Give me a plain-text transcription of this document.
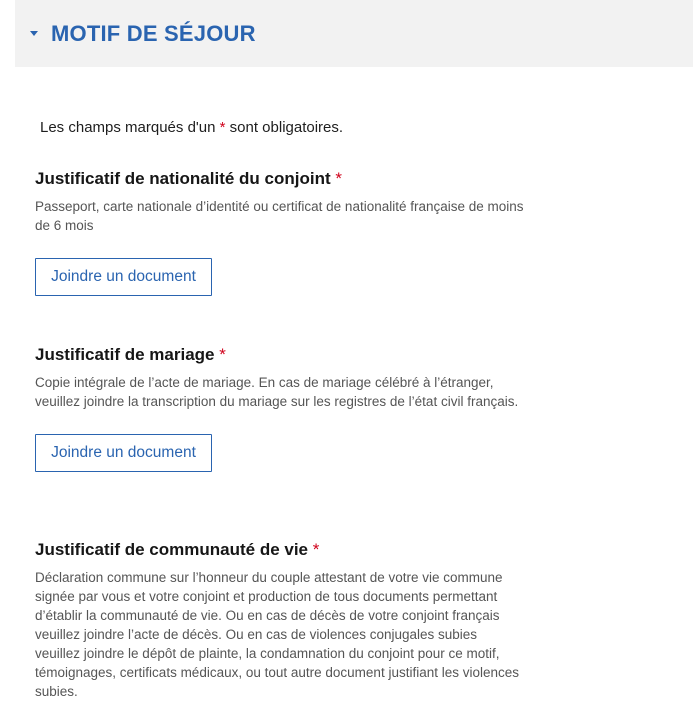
MOTIF DE SÉJOUR
Les champs marqués d'un * sont obligatoires.

Justificatif de nationalité du conjoint *

Passeport, carte nationale d’identité ou certificat de nationalité française de moins de 6 mois

Joindre un document

Justificatif de mariage *

Copie intégrale de l’acte de mariage. En cas de mariage célébré à l’étranger, veuillez joindre la transcription du mariage sur les registres de l’état civil français.

Joindre un document

Justificatif de communauté de vie *

Déclaration commune sur l’honneur du couple attestant de votre vie commune signée par vous et votre conjoint et production de tous documents permettant d’établir la communauté de vie. Ou en cas de décès de votre conjoint français veuillez joindre l’acte de décès. Ou en cas de violences conjugales subies veuillez joindre le dépôt de plainte, la condamnation du conjoint pour ce motif, témoignages, certificats médicaux, ou tout autre document justifiant les violences subies.
